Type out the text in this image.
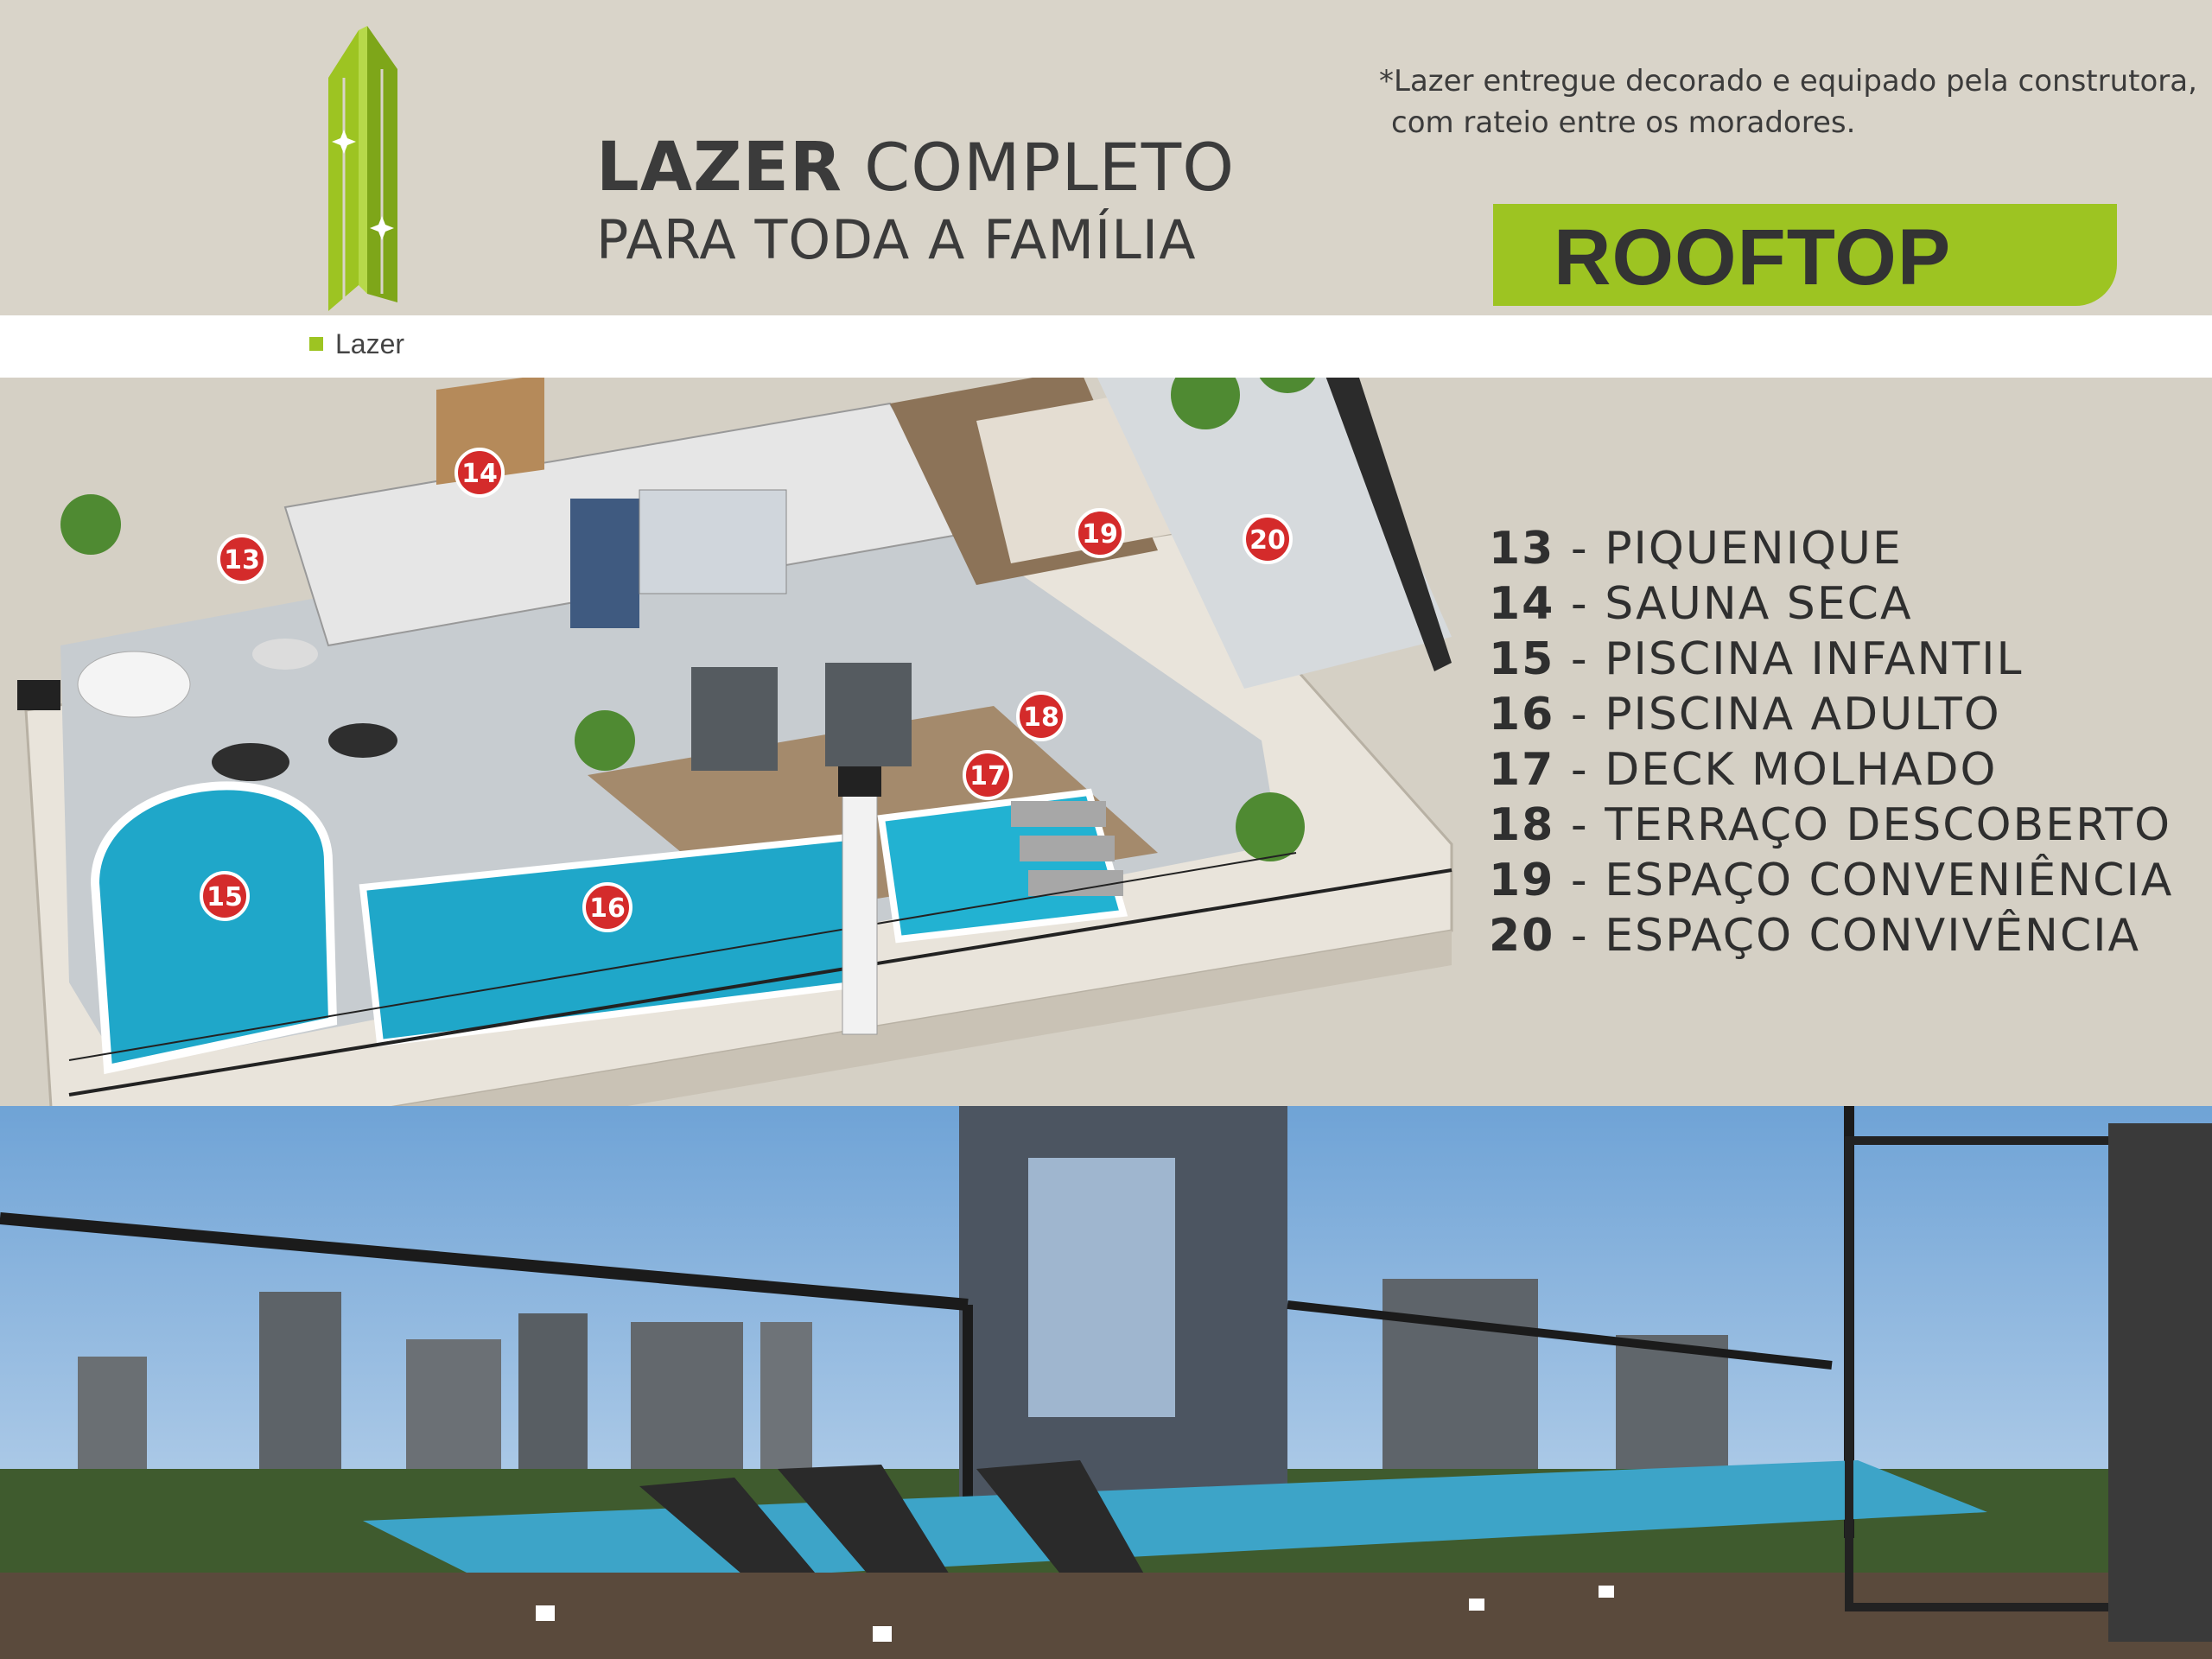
LAZER COMPLETO
PARA TODA A FAMÍLIA
*Lazer entregue decorado e equipado pela construtora,
com rateio entre os moradores.
ROOFTOP
Lazer
13
14
15	16
17
18
19	20	13 - PIQUENIQUE
14 - SAUNA SECA
15 - PISCINA INFANTIL
16 - PISCINA ADULTO
17 - DECK MOLHADO
18 - TERRAÇO DESCOBERTO
19 - ESPAÇO CONVENIÊNCIA
20 - ESPAÇO CONVIVÊNCIA
